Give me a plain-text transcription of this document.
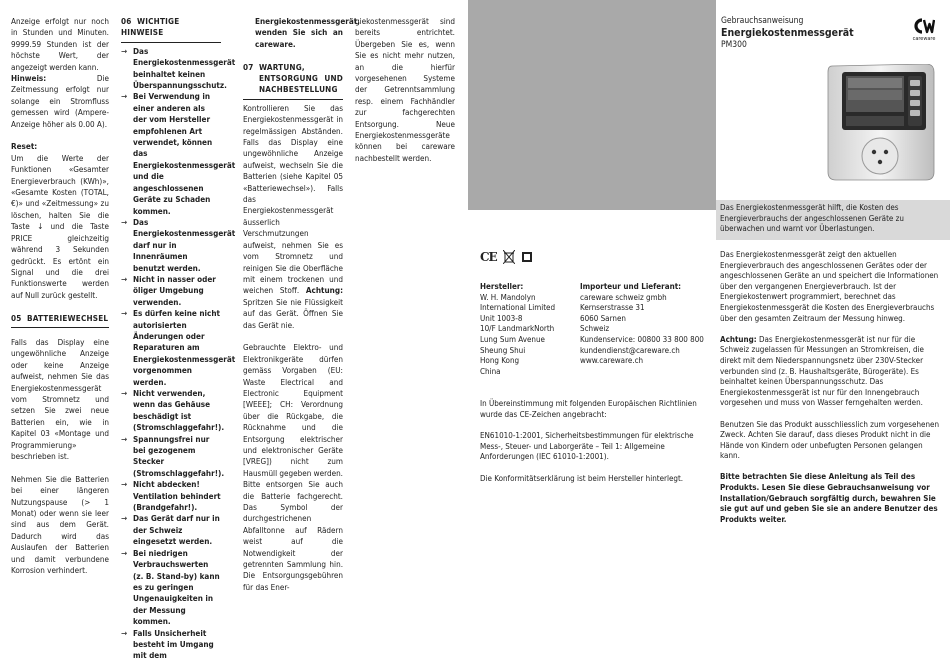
Anzeige erfolgt nur noch in Stunden und Minuten. 9999.59 Stunden ist der höchste Wert, der angezeigt werden kann.

Hinweis: Die Zeitmessung erfolgt nur solange ein Stromfluss gemessen wird (Ampere-Anzeige höher als 0.00 A).

Reset:

Um die Werte der Funktionen «Gesamter Energieverbrauch (KWh)», «Gesamte Kosten (TOTAL, €)» und «Zeitmessung» zu löschen, halten Sie die Taste ↓ und die Taste PRICE gleichzeitig während 3 Sekunden gedrückt. Es ertönt ein Signal und die drei Funktionswerte werden auf Null zurück gestellt.

05 BATTERIEWECHSEL

Falls das Display eine ungewöhnliche Anzeige oder keine Anzeige aufweist, nehmen Sie das Energiekostenmessgerät vom Stromnetz und setzen Sie zwei neue Batterien ein, wie in Kapitel 03 «Montage und Programmierung» beschrieben ist.

Nehmen Sie die Batterien bei einer längeren Nutzungspause (> 1 Monat) oder wenn sie leer sind aus dem Gerät. Dadurch wird das Auslaufen der Batterien und damit verbundene Korrosion verhindert.

06 WICHTIGE HINWEISE
→ Das Energiekostenmessgerät beinhaltet keinen Überspannungsschutz.
→ Bei Verwendung in einer anderen als der vom Hersteller empfohlenen Art verwendet, können das Energiekostenmessgerät und die angeschlossenen Geräte zu Schaden kommen.
→ Das Energiekostenmessgerät darf nur in Innenräumen benutzt werden.
→ Nicht in nasser oder öliger Umgebung verwenden.
→ Es dürfen keine nicht autorisierten Änderungen oder Reparaturen am Energiekostenmessgerät vorgenommen werden.
→ Nicht verwenden, wenn das Gehäuse beschädigt ist (Stromschlaggefahr!).
→ Spannungsfrei nur bei gezogenem Stecker (Stromschlaggefahr!).
→ Nicht abdecken! Ventilation behindert (Brandgefahr!).
→ Das Gerät darf nur in der Schweiz eingesetzt werden.
→ Bei niedrigen Verbrauchswerten (z. B. Stand-by) kann es zu geringen Ungenauigkeiten in der Messung kommen.
→ Falls Unsicherheit besteht im Umgang mit dem

Energiekostenmessgerät, wenden Sie sich an careware.

07 WARTUNG, ENTSORGUNG UND NACHBESTELLUNG

Kontrollieren Sie das Energiekostenmessgerät in regelmässigen Abständen. Falls das Display eine ungewöhnliche Anzeige aufweist, wechseln Sie die Batterien (siehe Kapitel 05 «Batteriewechsel»). Falls das Energiekostenmessgerät äusserlich Verschmutzungen aufweist, nehmen Sie es vom Stromnetz und reinigen Sie die Oberfläche mit einem trockenen und weichen Stoff. Achtung: Spritzen Sie nie Flüssigkeit auf das Gerät. Öffnen Sie das Gerät nie.

Gebrauchte Elektro- und Elektronikgeräte dürfen gemäss Vorgaben (EU: Waste Electrical and Electronic Equipment [WEEE]; CH: Verordnung über die Rückgabe, die Rücknahme und die Entsorgung elektrischer und elektronischer Geräte [VREG]) nicht zum Hausmüll gegeben werden. Bitte entsorgen Sie auch die Batterie fachgerecht. Das Symbol der durchgestrichenen Abfalltonne auf Rädern weist auf die Notwendigkeit der getrennten Sammlung hin. Die Entsorgungsgebühren für das Ener-

giekostenmessgerät sind bereits entrichtet. Übergeben Sie es, wenn Sie es nicht mehr nutzen, an die hierfür vorgesehenen Systeme der Getrenntsammlung resp. einem Fachhändler zur fachgerechten Entsorgung. Neue Energiekostenmessgeräte können bei careware nachbestellt werden.

Gebrauchsanweisung
Energiekostenmessgerät
PM300
careware
Das Energiekostenmessgerät hilft, die Kosten des Energieverbrauchs der angeschlossenen Geräte zu überwachen und warnt vor Überlastungen.
CE

Hersteller:

W. H. Mandolyn International Limited
Unit 1003-8
10/F LandmarkNorth
Lung Sum Avenue
Sheung Shui
Hong Kong
China

Importeur und Lieferant:

careware schweiz gmbh
Kernserstrasse 31
6060 Sarnen
Schweiz
Kundenservice: 00800 33 800 800
kundendienst@careware.ch
www.careware.ch

In Übereinstimmung mit folgenden Europäischen Richtlinien wurde das CE-Zeichen angebracht:

EN61010-1:2001, Sicherheitsbestimmungen für elektrische Mess-, Steuer- und Laborgeräte – Teil 1: Allgemeine Anforderungen (IEC 61010-1:2001).

Die Konformitätserklärung ist beim Hersteller hinterlegt.

Das Energiekostenmessgerät zeigt den aktuellen Energieverbrauch des angeschlossenen Gerätes oder der angeschlossenen Geräte an und speichert die Informationen über den vergangenen Energieverbrauch. Ist der Energiekostenwert programmiert, berechnet das Energiekostenmessgerät die Kosten des Energieverbrauchs über den gesamten Zeitraum der Messung hinweg.

Achtung: Das Energiekostenmessgerät ist nur für die Schweiz zugelassen für Messungen an Stromkreisen, die direkt mit dem Niederspannungsnetz über 230V-Stecker verbunden sind (z. B. Haushaltsgeräte, Bürogeräte). Es beinhaltet keinen Überspannungsschutz. Das Energiekostenmessgerät ist nur für den Innengebrauch vorgesehen und muss von Wasser ferngehalten werden.

Benutzen Sie das Produkt ausschliesslich zum vorgesehenen Zweck. Achten Sie darauf, dass dieses Produkt nicht in die Hände von Kindern oder unbefugten Personen gelangen kann.

Bitte betrachten Sie diese Anleitung als Teil des Produkts. Lesen Sie diese Gebrauchsanweisung vor Installation/Gebrauch sorgfältig durch, bewahren Sie sie gut auf und geben Sie sie an andere Benutzer des Produkts weiter.
